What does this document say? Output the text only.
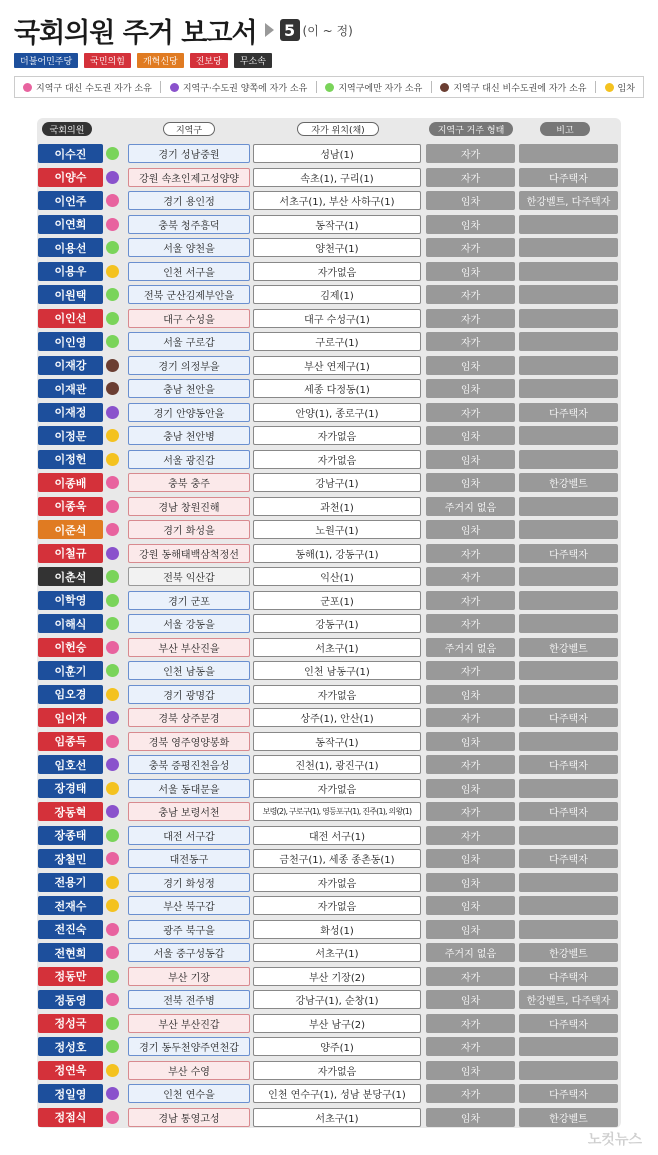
국회의원 주거 보고서 5 (이 ~ 정)
더불어민주당	국민의힘	개혁신당	진보당	무소속
지역구 대신 수도권 자가 소유	지역구·수도권 양쪽에 자가 소유	지역구에만 자가 소유	지역구 대신 비수도권에 자가 소유	임차
국회의원	지역구	자가 위치(채)	지역구 거주 형태	비고
이수진	경기 성남중원	성남(1)	자가
이양수	강원 속초인제고성양양	속초(1), 구리(1)	자가	다주택자
이언주	경기 용인정	서초구(1), 부산 사하구(1)	임차	한강벨트, 다주택자
이연희	충북 청주흥덕	동작구(1)	임차
이용선	서울 양천을	양천구(1)	자가
이용우	인천 서구을	자가없음	임차
이원택	전북 군산김제부안을	김제(1)	자가
이인선	대구 수성을	대구 수성구(1)	자가
이인영	서울 구로갑	구로구(1)	자가
이재강	경기 의정부을	부산 연제구(1)	임차
이재관	충남 천안을	세종 다정동(1)	임차
이재정	경기 안양동안을	안양(1), 종로구(1)	자가	다주택자
이정문	충남 천안병	자가없음	임차
이정헌	서울 광진갑	자가없음	임차
이종배	충북 충주	강남구(1)	임차	한강벨트
이종욱	경남 창원진해	과천(1)	주거지 없음
이준석	경기 화성을	노원구(1)	임차
이철규	강원 동해태백삼척정선	동해(1), 강동구(1)	자가	다주택자
이춘석	전북 익산갑	익산(1)	자가
이학영	경기 군포	군포(1)	자가
이해식	서울 강동을	강동구(1)	자가
이헌승	부산 부산진을	서초구(1)	주거지 없음	한강벨트
이훈기	인천 남동을	인천 남동구(1)	자가
임오경	경기 광명갑	자가없음	임차
임이자	경북 상주문경	상주(1), 안산(1)	자가	다주택자
임종득	경북 영주영양봉화	동작구(1)	임차
임호선	충북 증평진천음성	진천(1), 광진구(1)	자가	다주택자
장경태	서울 동대문을	자가없음	임차
장동혁	충남 보령서천	보령(2), 구로구(1), 영등포구(1), 진주(1), 의왕(1)	자가	다주택자
장종태	대전 서구갑	대전 서구(1)	자가
장철민	대전동구	금천구(1), 세종 종촌동(1)	임차	다주택자
전용기	경기 화성정	자가없음	임차
전재수	부산 북구갑	자가없음	임차
전진숙	광주 북구을	화성(1)	임차
전현희	서울 중구성동갑	서초구(1)	주거지 없음	한강벨트
정동만	부산 기장	부산 기장(2)	자가	다주택자
정동영	전북 전주병	강남구(1), 순창(1)	임차	한강벨트, 다주택자
정성국	부산 부산진갑	부산 남구(2)	자가	다주택자
정성호	경기 동두천양주연천갑	양주(1)	자가
정연욱	부산 수영	자가없음	임차
정일영	인천 연수을	인천 연수구(1), 성남 분당구(1)	자가	다주택자
정점식	경남 통영고성	서초구(1)	임차	한강벨트
노컷뉴스
